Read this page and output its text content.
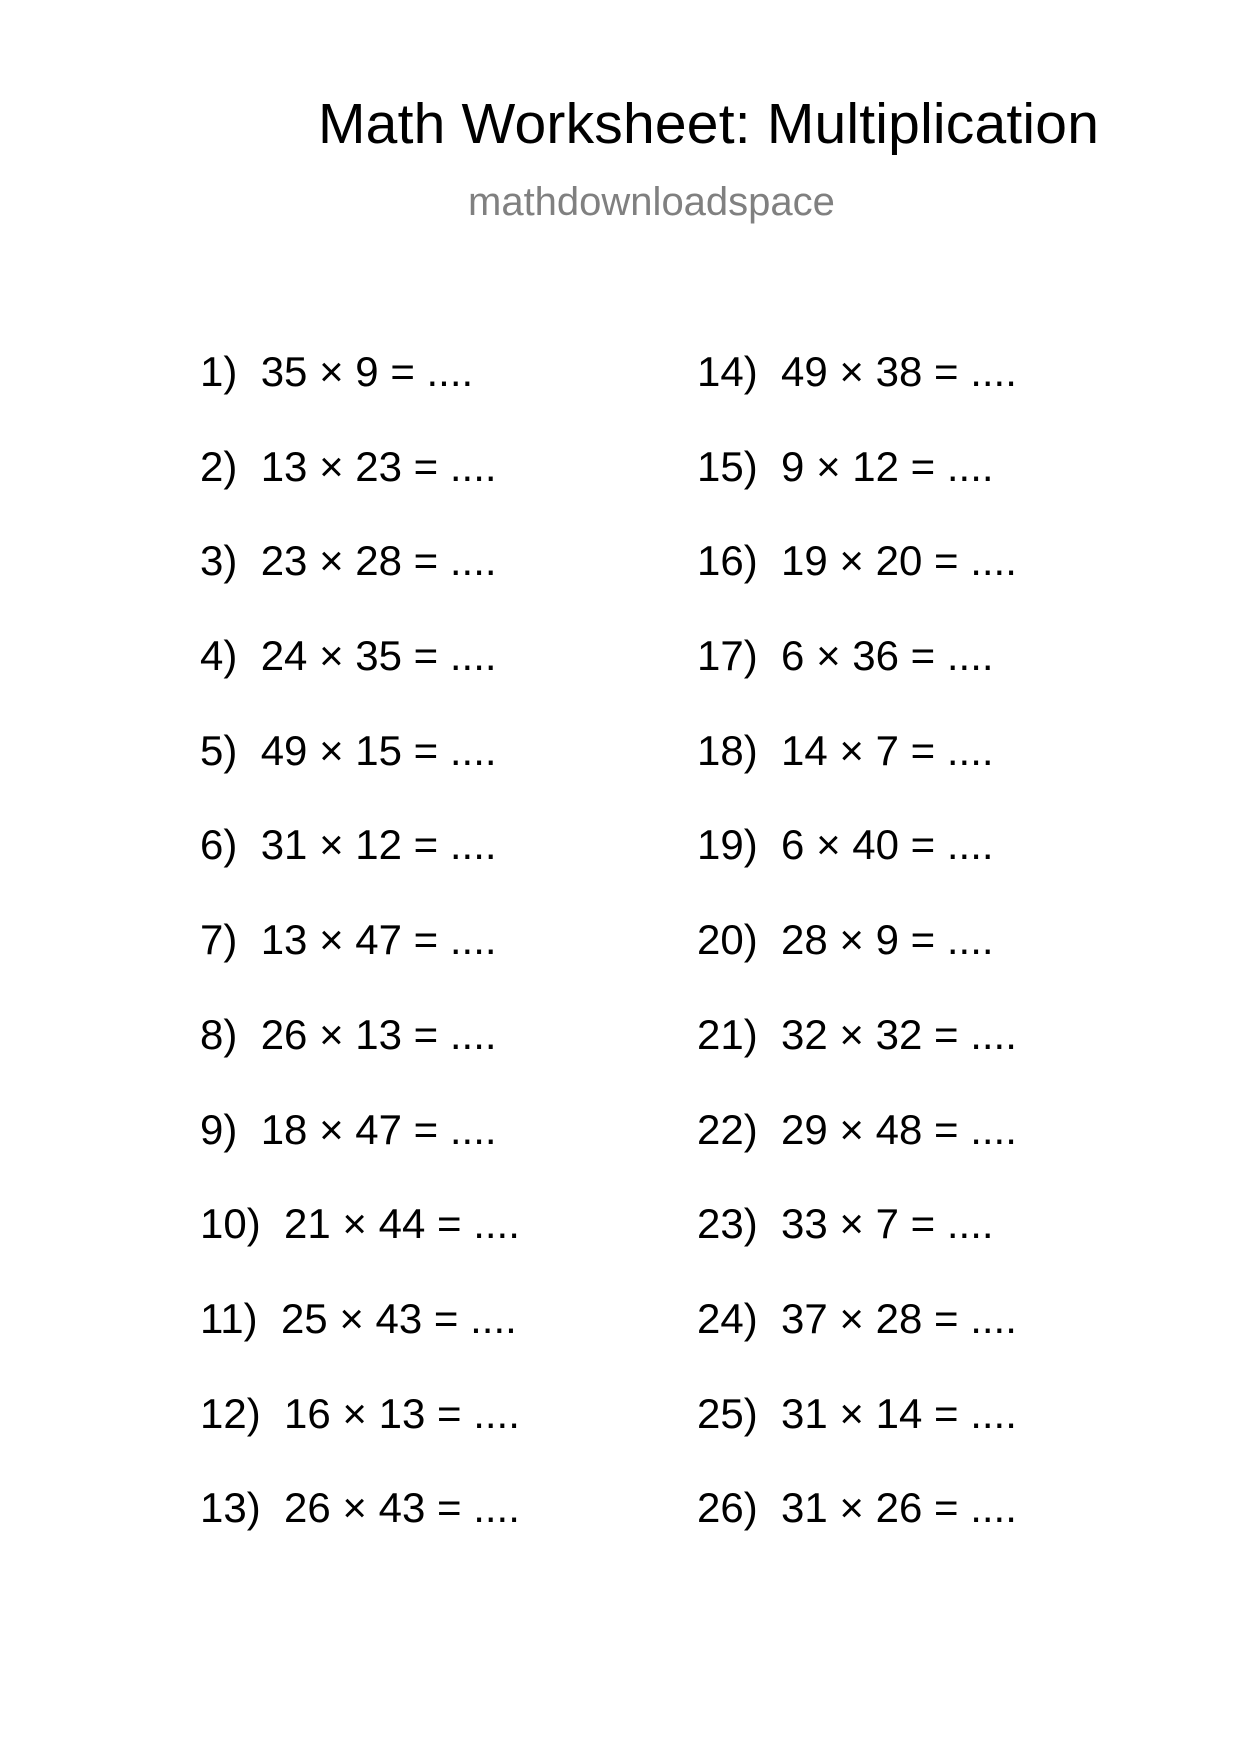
Math Worksheet: Multiplication
mathdownloadspace
1) 35 × 9 = ....
2) 13 × 23 = ....
3) 23 × 28 = ....
4) 24 × 35 = ....
5) 49 × 15 = ....
6) 31 × 12 = ....
7) 13 × 47 = ....
8) 26 × 13 = ....
9) 18 × 47 = ....
10) 21 × 44 = ....
11) 25 × 43 = ....
12) 16 × 13 = ....
13) 26 × 43 = ....
14) 49 × 38 = ....
15) 9 × 12 = ....
16) 19 × 20 = ....
17) 6 × 36 = ....
18) 14 × 7 = ....
19) 6 × 40 = ....
20) 28 × 9 = ....
21) 32 × 32 = ....
22) 29 × 48 = ....
23) 33 × 7 = ....
24) 37 × 28 = ....
25) 31 × 14 = ....
26) 31 × 26 = ....
